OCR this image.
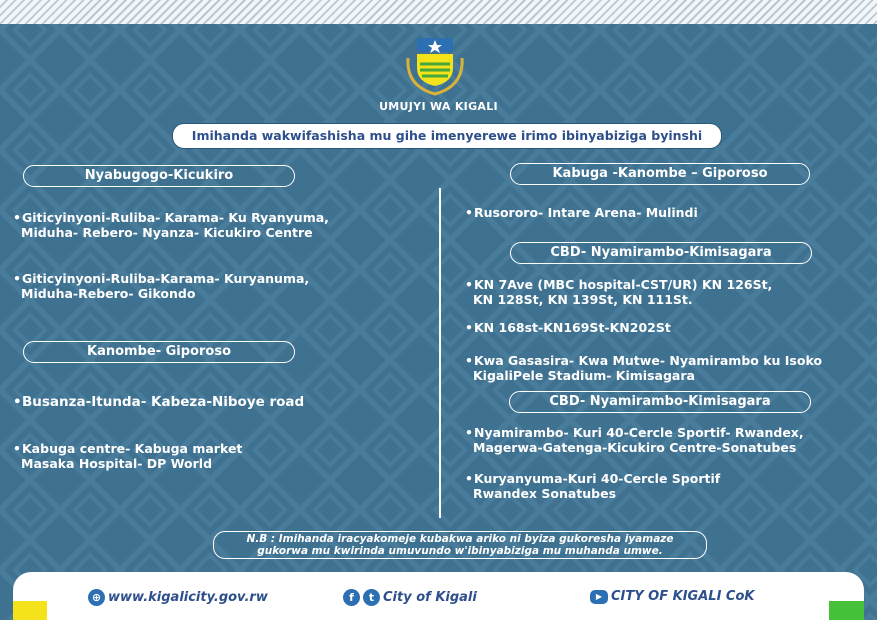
UMUJYI WA KIGALI
Imihanda wakwifashisha mu gihe imenyerewe irimo ibinyabiziga byinshi
Nyabugogo-Kicukiro
•Giticyinyoni-Ruliba- Karama- Ku Ryanyuma,
Miduha- Rebero- Nyanza- Kicukiro Centre
•Giticyinyoni-Ruliba-Karama- Kuryanuma,
Miduha-Rebero- Gikondo
Kanombe- Giporoso
•Busanza-Itunda- Kabeza-Niboye road
•Kabuga centre- Kabuga market
Masaka Hospital- DP World
Kabuga -Kanombe – Giporoso
•Rusororo- Intare Arena- Mulindi
CBD- Nyamirambo-Kimisagara
•KN 7Ave (MBC hospital-CST/UR) KN 126St,
KN 128St, KN 139St, KN 111St.
•KN 168st-KN169St-KN202St
•Kwa Gasasira- Kwa Mutwe- Nyamirambo ku Isoko
KigaliPele Stadium- Kimisagara
CBD- Nyamirambo-Kimisagara
•Nyamirambo- Kuri 40-Cercle Sportif- Rwandex,
Magerwa-Gatenga-Kicukiro Centre-Sonatubes
•Kuryanyuma-Kuri 40-Cercle Sportif
Rwandex Sonatubes
N.B : Imihanda iracyakomeje kubakwa ariko ni byiza gukoresha iyamaze
gukorwa mu kwirinda umuvundo w'ibinyabiziga mu muhanda umwe.
⊕ www.kigalicity.gov.rw	f	t City of Kigali	▶ CITY OF KIGALI CoK
